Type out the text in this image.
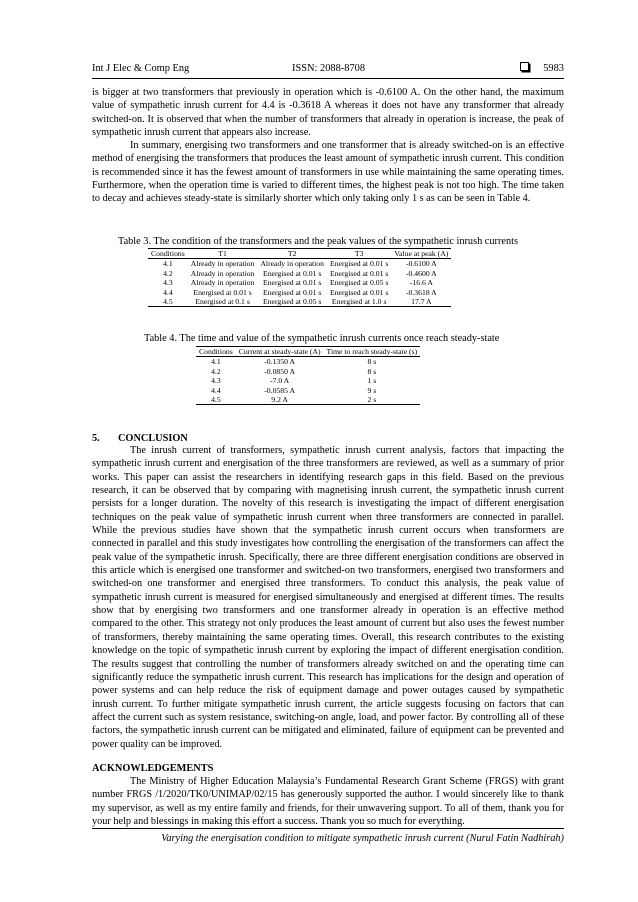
Int J Elec & Comp Eng	ISSN: 2088-8708	5983

is bigger at two transformers that previously in operation which is -0.6100 A. On the other hand, the maximum value of sympathetic inrush current for 4.4 is -0.3618 A whereas it does not have any transformer that already switched-on. It is observed that when the number of transformers that already in operation is increase, the peak of sympathetic inrush current that appears also increase.

In summary, energising two transformers and one transformer that is already switched-on is an effective method of energising the transformers that produces the least amount of sympathetic inrush current. This condition is recommended since it has the fewest amount of transformers in use while maintaining the same operating times. Furthermore, when the operation time is varied to different times, the highest peak is not too high. The time taken to decay and achieves steady-state is similarly shorter which only taking only 1 s as can be seen in Table 4.

Table 3. The condition of the transformers and the peak values of the sympathetic inrush currents
Conditions	T1	T2	T3	Value at peak (A)
4.1	Already in operation	Already in operation	Energised at 0.01 s	-0.6100 A
4.2	Already in operation	Energised at 0.01 s	Energised at 0.01 s	-0.4600 A
4.3	Already in operation	Energised at 0.01 s	Energised at 0.05 s	-16.6 A
4.4	Energised at 0.01 s	Energised at 0.01 s	Energised at 0.01 s	-0.3618 A
4.5	Energised at 0.1 s	Energised at 0.05 s	Energised at 1.0 s	17.7 A
Table 4. The time and value of the sympathetic inrush currents once reach steady-state
Conditions	Current at steady-state (A)	Time to reach steady-state (s)
4.1	-0.1350 A	8 s
4.2	-0.0850 A	8 s
4.3	-7.0 A	1 s
4.4	-0.0585 A	9 s
4.5	9.2 A	2 s
5. CONCLUSION

The inrush current of transformers, sympathetic inrush current analysis, factors that impacting the sympathetic inrush current and energisation of the three transformers are reviewed, as well as a summary of prior works. This paper can assist the researchers in identifying research gaps in this field. Based on the previous research, it can be observed that by comparing with magnetising inrush current, the sympathetic inrush current persists for a longer duration. The novelty of this research is investigating the impact of different energisation techniques on the peak value of sympathetic inrush current when three transformers are connected in parallel. While the previous studies have shown that the sympathetic inrush current occurs when transformers are connected in parallel and this study investigates how controlling the energisation of the transformers can affect the peak value of the sympathetic inrush. Specifically, there are three different energisation conditions are observed in this article which is energised one transformer and switched-on two transformers, energised two transformers and switched-on one transformer and energised three transformers. To conduct this analysis, the peak value of sympathetic inrush current is measured for energised simultaneously and energised at different times. The results show that by energising two transformers and one transformer already in operation is an effective method compared to the other. This strategy not only produces the least amount of current but also uses the fewest number of transformers, thereby maintaining the same operating times. Overall, this research contributes to the existing knowledge on the topic of sympathetic inrush current by exploring the impact of different energisation condition. The results suggest that controlling the number of transformers already switched on and the operating time can significantly reduce the sympathetic inrush current. This research has implications for the design and operation of power systems and can help reduce the risk of equipment damage and power outages caused by sympathetic inrush current. To further mitigate sympathetic inrush current, the article suggests focusing on factors that can affect the current such as system resistance, switching-on angle, load, and power factor. By controlling all of these factors, the sympathetic inrush current can be mitigated and eliminated, failure of equipment can be prevented and power quality can be improved.

ACKNOWLEDGEMENTS

The Ministry of Higher Education Malaysia’s Fundamental Research Grant Scheme (FRGS) with grant number FRGS /1/2020/TK0/UNIMAP/02/15 has generously supported the author. I would sincerely like to thank my supervisor, as well as my entire family and friends, for their unwavering support. To all of them, thank you for your help and blessings in making this effort a success. Thank you so much for everything.

Varying the energisation condition to mitigate sympathetic inrush current (Nurul Fatin Nadhirah)
